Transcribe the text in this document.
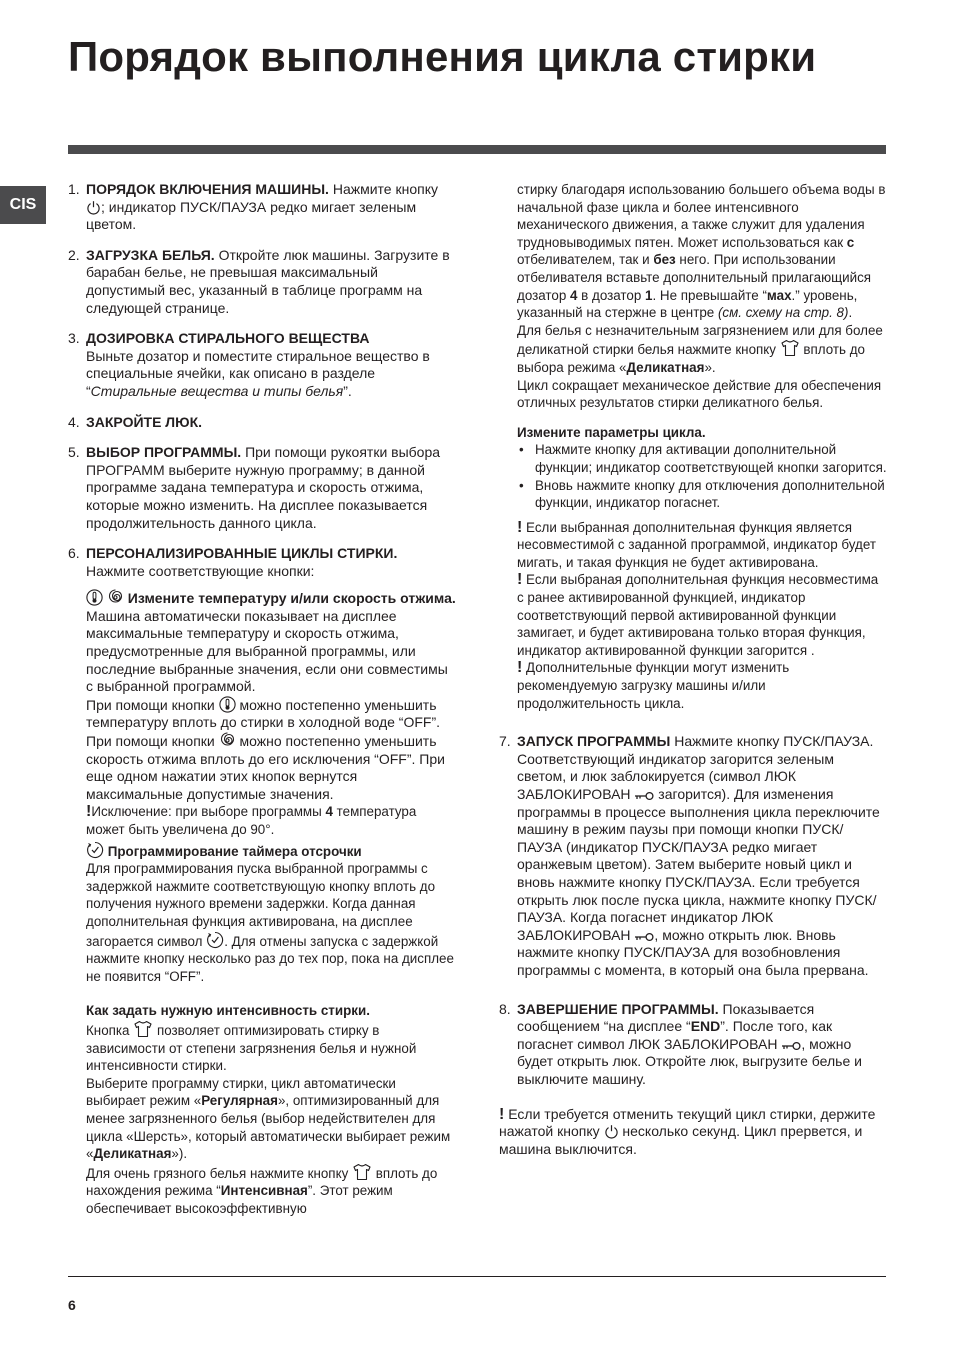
Порядок выполнения цикла стирки
CIS
1. ПОРЯДОК ВКЛЮЧЕНИЯ МАШИНЫ. Нажмите кнопку
; индикатор ПУСК/ПАУЗА редко мигает зеленым цветом.
2. ЗАГРУЗКА БЕЛЬЯ. Откройте люк машины. Загрузите в барабан белье, не превышая максимальный допустимый вес, указанный в таблице программ на следующей странице.
3. ДОЗИРОВКА СТИРАЛЬНОГО ВЕЩЕСТВА
Выньте дозатор и поместите стиральное вещество в специальные ячейки, как описано в разделе “Стиральные вещества и типы белья”.
4. ЗАКРОЙТЕ ЛЮК.
5. ВЫБОР ПРОГРАММЫ. При помощи рукоятки выбора ПРОГРАММ выберите нужную программу; в данной программе задана температура и скорость отжима, которые можно изменить. На дисплее показывается продолжительность данного цикла.
6. ПЕРСОНАЛИЗИРОВАННЫЕ ЦИКЛЫ СТИРКИ.
Нажмите соответствующие кнопки:

Измените температуру и/или скорость отжима. Машина автоматически показывает на дисплее максимальные температуру и скорость отжима, предусмотренные для выбранной программы, или последние выбранные значения, если они совместимы с выбранной программой.
При помощи кнопки
можно постепенно уменьшить температуру вплоть до стирки в холодной воде “OFF”. При помощи кнопки
можно постепенно уменьшить скорость отжима вплоть до его исключения “OFF”. При еще одном нажатии этих кнопок вернутся максимальные допустимые значения.
!Исключение: при выборе программы 4 температура может быть увеличена до 90°.
Программирование таймера отсрочки
Для программирования пуска выбранной программы с задержкой нажмите соответствующую кнопку вплоть до получения нужного времени задержки. Когда данная дополнительная функция активирована, на дисплее загорается символ
. Для отмены запуска с задержкой нажмите кнопку несколько раз до тех пор, пока на дисплее не появится “OFF”.
Как задать нужную интенсивность стирки.
Кнопка
позволяет оптимизировать стирку в зависимости от степени загрязнения белья и нужной интенсивности стирки.
Выберите программу стирки, цикл автоматически выбирает режим «Регулярная», оптимизированный для менее загрязненного белья (выбор недействителен для цикла «Шерсть», который автоматически выбирает режим «Деликатная»).
Для очень грязного белья нажмите кнопку
вплоть до нахождения режима “Интенсивная”. Этот режим обеспечивает высокоэффективную
стирку благодаря использованию большего объема воды в начальной фазе цикла и более интенсивного механического движения, а также служит для удаления трудновыводимых пятен. Может использоваться как с отбеливателем, так и без него. При использовании отбеливателя вставьте дополнительный прилагающийся дозатор 4 в дозатор 1. Не превышайте “мах.” уровень, указанный на стержне в центре (см. схему на стр. 8).
Для белья с незначительным загрязнением или для более деликатной стирки белья нажмите кнопку
вплоть до выбора режима «Деликатная».
Цикл сокращает механическое действие для обеспечения отличных результатов стирки деликатного белья.
Измените параметры цикла.
• Нажмите кнопку для активации дополнительной функции; индикатор соответствующей кнопки загорится.
• Вновь нажмите кнопку для отключения дополнительной функции, индикатор погаснет.
! Если выбранная дополнительная функция является несовместимой с заданной программой, индикатор будет мигать, и такая функция не будет активирована.
! Если выбраная дополнительная функция несовместима с ранее активированной функцией, индикатор соответствующий первой активированной функции замигает, и будет активирована только вторая функция, индикатор активированной функции загорится .
! Дополнительные функции могут изменить рекомендуемую загрузку машины и/или продолжительность цикла.
7. ЗАПУСК ПРОГРАММЫ Нажмите кнопку ПУСК/ПАУЗА. Соответствующий индикатор загорится зеленым светом, и люк заблокируется (символ ЛЮК ЗАБЛОКИРОВАН
загорится). Для изменения программы в процессе выполнения цикла переключите машину в режим паузы при помощи кнопки ПУСК/ПАУЗА (индикатор ПУСК/ПАУЗА редко мигает оранжевым цветом). Затем выберите новый цикл и вновь нажмите кнопку ПУСК/ПАУЗА. Если требуется открыть люк после пуска цикла, нажмите кнопку ПУСК/ПАУЗА. Когда погаснет индикатор ЛЮК ЗАБЛОКИРОВАН
, можно открыть люк. Вновь нажмите кнопку ПУСК/ПАУЗА для возобновления программы с момента, в который она была прервана.
8. ЗАВЕРШЕНИЕ ПРОГРАММЫ. Показывается сообщением “на дисплее “END”. После того, как погаснет символ ЛЮК ЗАБЛОКИРОВАН
, можно будет открыть люк. Откройте люк, выгрузите белье и выключите машину.
! Если требуется отменить текущий цикл стирки, держите нажатой кнопку
несколько секунд. Цикл прервется, и машина выключится.
6
